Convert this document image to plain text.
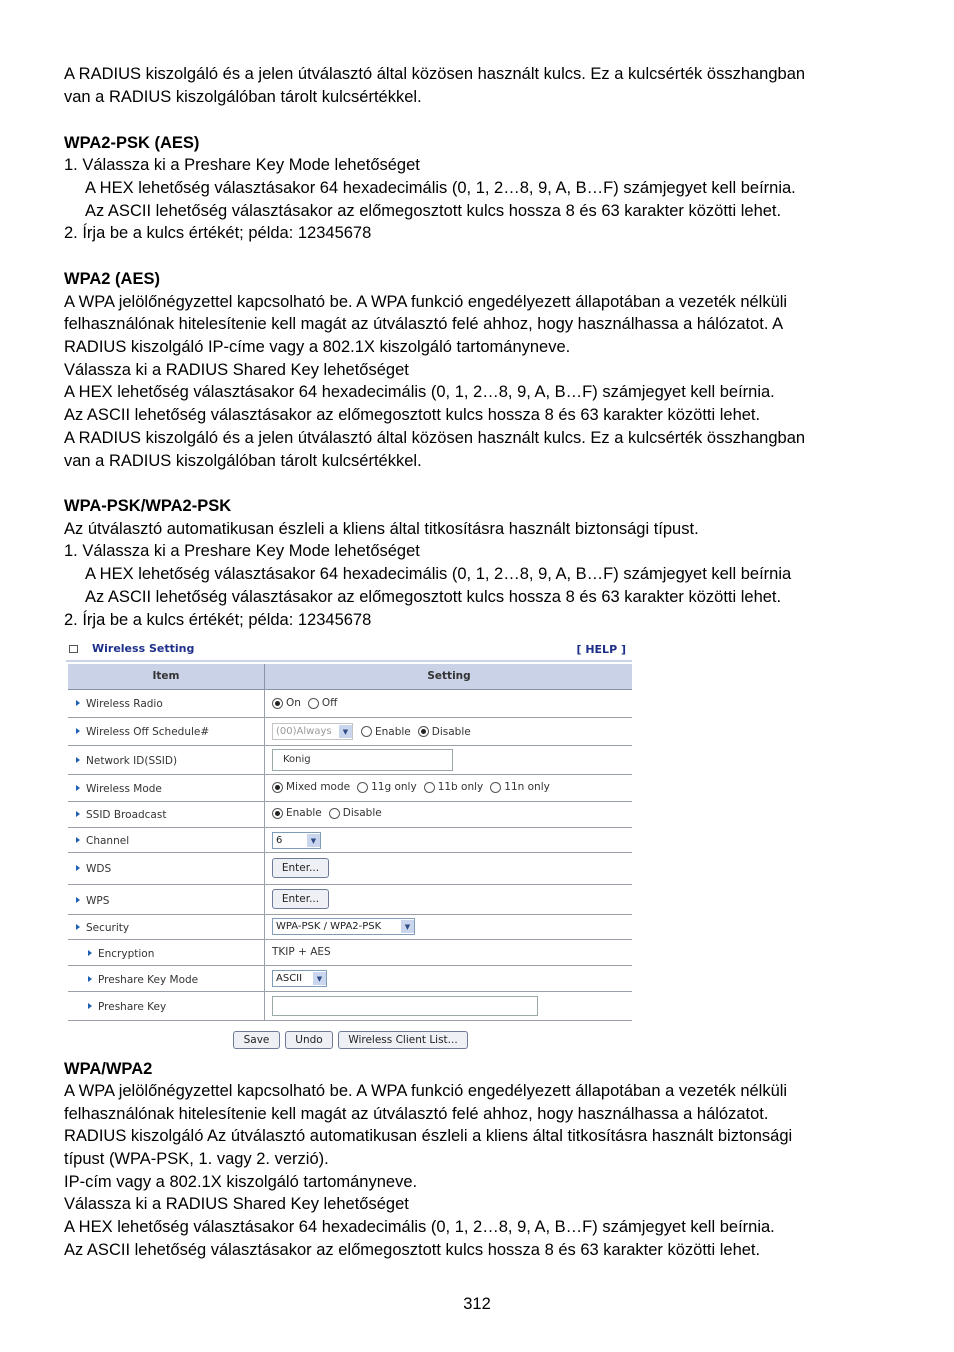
A RADIUS kiszolgáló és a jelen útválasztó által közösen használt kulcs. Ez a kulcsérték összhangban

van a RADIUS kiszolgálóban tárolt kulcsértékkel.

WPA2-PSK (AES)

1. Válassza ki a Preshare Key Mode lehetőséget

A HEX lehetőség választásakor 64 hexadecimális (0, 1, 2…8, 9, A, B…F) számjegyet kell beírnia.

Az ASCII lehetőség választásakor az előmegosztott kulcs hossza 8 és 63 karakter közötti lehet.

2. Írja be a kulcs értékét; példa: 12345678

WPA2 (AES)

A WPA jelölőnégyzettel kapcsolható be. A WPA funkció engedélyezett állapotában a vezeték nélküli

felhasználónak hitelesítenie kell magát az útválasztó felé ahhoz, hogy használhassa a hálózatot. A

RADIUS kiszolgáló IP-címe vagy a 802.1X kiszolgáló tartományneve.

Válassza ki a RADIUS Shared Key lehetőséget

A HEX lehetőség választásakor 64 hexadecimális (0, 1, 2…8, 9, A, B…F) számjegyet kell beírnia.

Az ASCII lehetőség választásakor az előmegosztott kulcs hossza 8 és 63 karakter közötti lehet.

A RADIUS kiszolgáló és a jelen útválasztó által közösen használt kulcs. Ez a kulcsérték összhangban

van a RADIUS kiszolgálóban tárolt kulcsértékkel.

WPA-PSK/WPA2-PSK

Az útválasztó automatikusan észleli a kliens által titkosításra használt biztonsági típust.

1. Válassza ki a Preshare Key Mode lehetőséget

A HEX lehetőség választásakor 64 hexadecimális (0, 1, 2…8, 9, A, B…F) számjegyet kell beírnia

Az ASCII lehetőség választásakor az előmegosztott kulcs hossza 8 és 63 karakter közötti lehet.

2. Írja be a kulcs értékét; példa: 12345678

Wireless Setting	[ HELP ]
Item	Setting
Wireless Radio	On Off
Wireless Off Schedule#	(00)Always	▼	Enable Disable
Network ID(SSID)	Konig
Wireless Mode	Mixed mode 11g only 11b only 11n only
SSID Broadcast	Enable Disable
Channel	6	▼
WDS	Enter...
WPS	Enter...
Security	WPA-PSK / WPA2-PSK	▼
Encryption	TKIP + AES
Preshare Key Mode	ASCII	▼
Preshare Key
Save	Undo	Wireless Client List...

WPA/WPA2

A WPA jelölőnégyzettel kapcsolható be. A WPA funkció engedélyezett állapotában a vezeték nélküli

felhasználónak hitelesítenie kell magát az útválasztó felé ahhoz, hogy használhassa a hálózatot.

RADIUS kiszolgáló Az útválasztó automatikusan észleli a kliens által titkosításra használt biztonsági

típust (WPA-PSK, 1. vagy 2. verzió).

IP-cím vagy a 802.1X kiszolgáló tartományneve.

Válassza ki a RADIUS Shared Key lehetőséget

A HEX lehetőség választásakor 64 hexadecimális (0, 1, 2…8, 9, A, B…F) számjegyet kell beírnia.

Az ASCII lehetőség választásakor az előmegosztott kulcs hossza 8 és 63 karakter közötti lehet.

312
